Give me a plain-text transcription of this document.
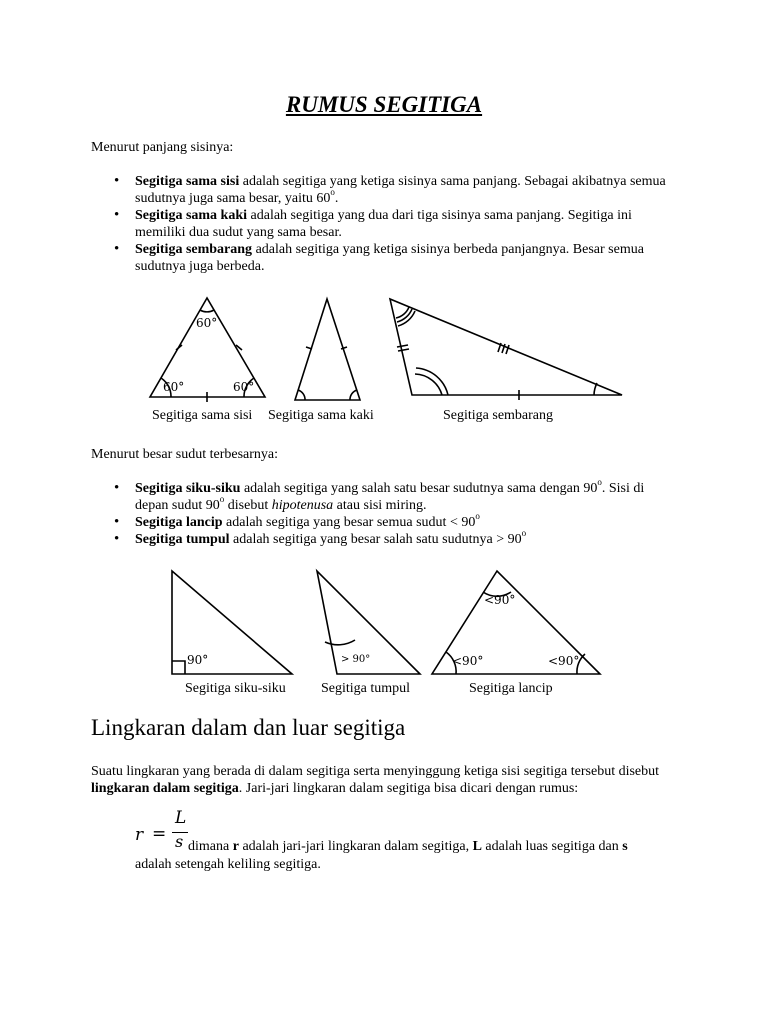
RUMUS SEGITIGA
Menurut panjang sisinya:

• Segitiga sama sisi adalah segitiga yang ketiga sisinya sama panjang. Sebagai akibatnya semua sudutnya juga sama besar, yaitu 60$^o$.

• Segitiga sama kaki adalah segitiga yang dua dari tiga sisinya sama panjang. Segitiga ini memiliki dua sudut yang sama besar.

• Segitiga sembarang adalah segitiga yang ketiga sisinya berbeda panjangnya. Besar semua sudutnya juga berbeda.

60°
60°	60°
Segitiga sama sisi Segitiga sama kaki	Segitiga sembarang
Menurut besar sudut terbesarnya:

• Segitiga siku-siku adalah segitiga yang salah satu besar sudutnya sama dengan 90$^o$. Sisi di depan sudut 90$^o$ disebut hipotenusa atau sisi miring.

• Segitiga lancip adalah segitiga yang besar semua sudut < $90^o$

• Segitiga tumpul adalah segitiga yang besar salah satu sudutnya > $90^o$

90°	> 90°
<90°
<90°	<90°
Segitiga siku-siku	Segitiga tumpul	Segitiga lancip
Lingkaran dalam dan luar segitiga
Suatu lingkaran yang berada di dalam segitiga serta menyinggung ketiga sisi segitiga tersebut disebut lingkaran dalam segitiga. Jari-jari lingkaran dalam segitiga bisa dicari dengan rumus:
r =
L
s dimana r adalah jari-jari lingkaran dalam segitiga, L adalah luas segitiga dan s
adalah setengah keliling segitiga.
